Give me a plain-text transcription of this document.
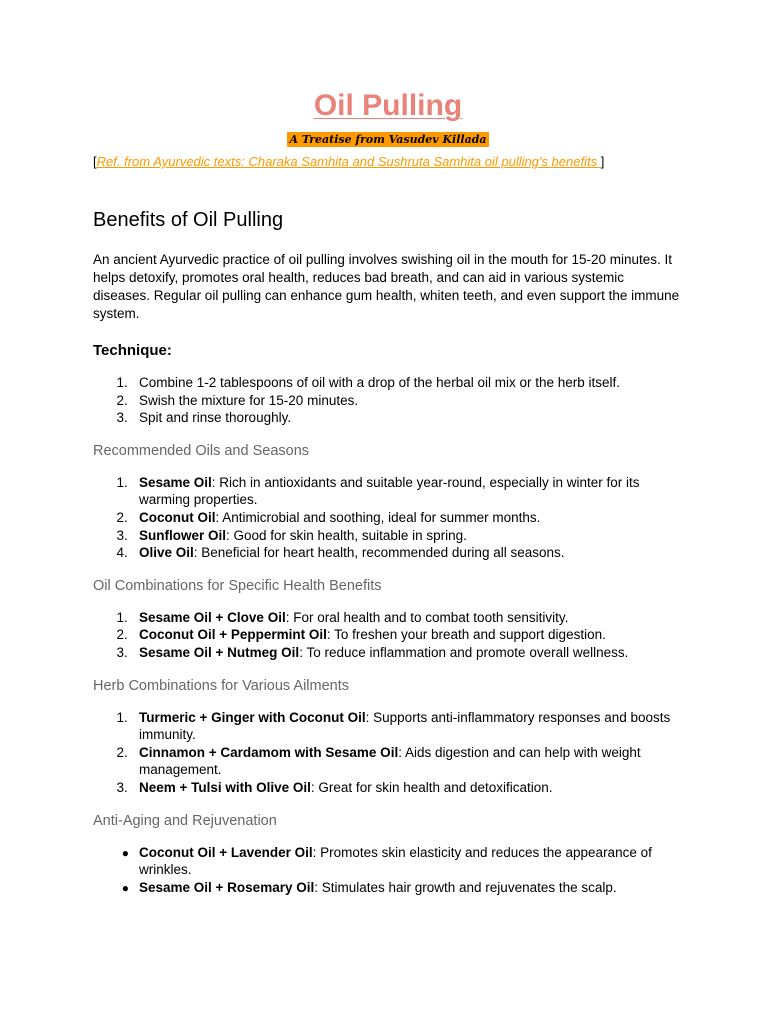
Oil Pulling
A Treatise from Vasudev Killada
[Ref. from Ayurvedic texts: Charaka Samhita and Sushruta Samhita oil pulling's benefits ]
Benefits of Oil Pulling

An ancient Ayurvedic practice of oil pulling involves swishing oil in the mouth for 15-20 minutes. It helps detoxify, promotes oral health, reduces bad breath, and can aid in various systemic diseases. Regular oil pulling can enhance gum health, whiten teeth, and even support the immune system.

Technique:
1. Combine 1-2 tablespoons of oil with a drop of the herbal oil mix or the herb itself.
2. Swish the mixture for 15-20 minutes.
3. Spit and rinse thoroughly.
Recommended Oils and Seasons
1. Sesame Oil: Rich in antioxidants and suitable year-round, especially in winter for its warming properties.
2. Coconut Oil: Antimicrobial and soothing, ideal for summer months.
3. Sunflower Oil: Good for skin health, suitable in spring.
4. Olive Oil: Beneficial for heart health, recommended during all seasons.
Oil Combinations for Specific Health Benefits
1. Sesame Oil + Clove Oil: For oral health and to combat tooth sensitivity.
2. Coconut Oil + Peppermint Oil: To freshen your breath and support digestion.
3. Sesame Oil + Nutmeg Oil: To reduce inflammation and promote overall wellness.
Herb Combinations for Various Ailments
1. Turmeric + Ginger with Coconut Oil: Supports anti-inflammatory responses and boosts immunity.
2. Cinnamon + Cardamom with Sesame Oil: Aids digestion and can help with weight management.
3. Neem + Tulsi with Olive Oil: Great for skin health and detoxification.
Anti-Aging and Rejuvenation
• Coconut Oil + Lavender Oil: Promotes skin elasticity and reduces the appearance of wrinkles.
• Sesame Oil + Rosemary Oil: Stimulates hair growth and rejuvenates the scalp.
